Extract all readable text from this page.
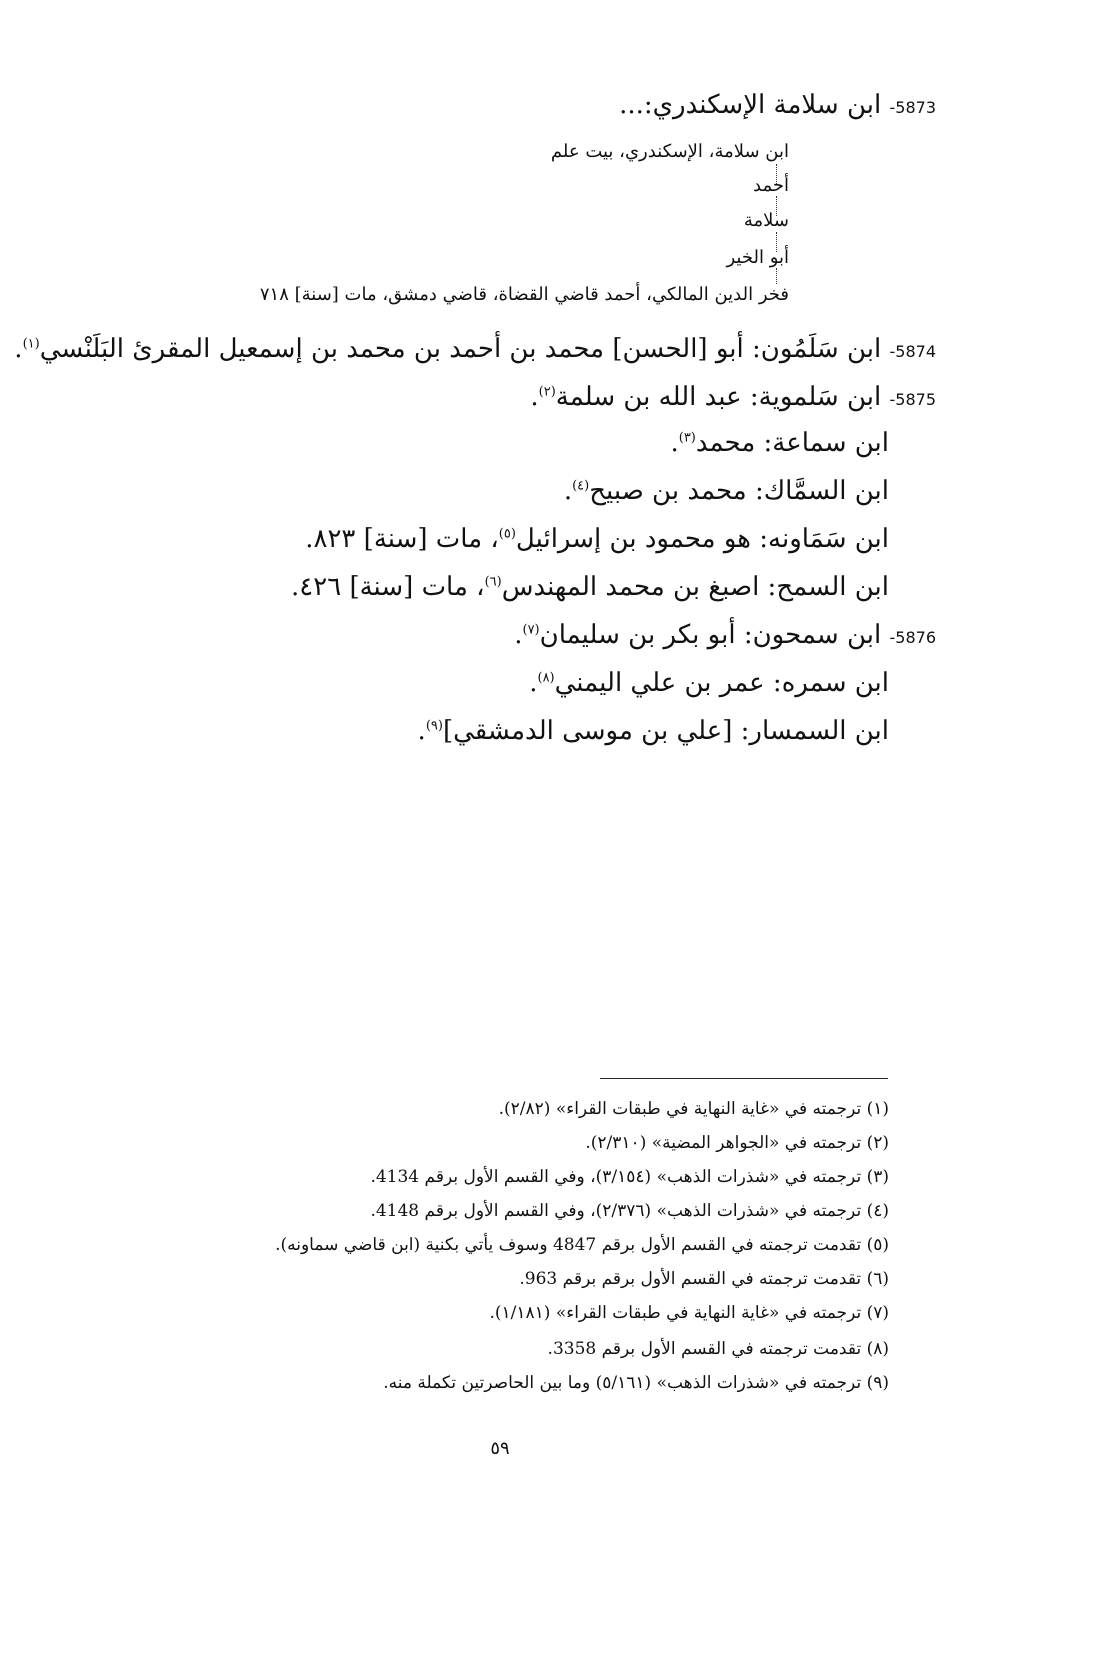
5873- ابن سلامة الإسكندري:...
ابن سلامة، الإسكندري، بيت علم
أحمد
سلامة
أبو الخير
فخر الدين المالكي، أحمد قاضي القضاة، قاضي دمشق، مات [سنة] ٧١٨
5874- ابن سَلَمُون: أبو [الحسن] محمد بن أحمد بن محمد بن إسمعيل المقرئ البَلَنْسي$^{(١)}$.
5875- ابن سَلموية: عبد الله بن سلمة$^{(٢)}$.
ابن سماعة: محمد$^{(٣)}$.
ابن السمَّاك: محمد بن صبيح$^{(٤)}$.
ابن سَمَاونه: هو محمود بن إسرائيل$^{(٥)}$، مات [سنة] ٨٢٣.
ابن السمح: اصبغ بن محمد المهندس$^{(٦)}$، مات [سنة] ٤٢٦.
5876- ابن سمحون: أبو بكر بن سليمان$^{(٧)}$.
ابن سمره: عمر بن علي اليمني$^{(٨)}$.
ابن السمسار: [علي بن موسى الدمشقي]$^{(٩)}$.
(١) ترجمته في «غاية النهاية في طبقات القراء» (٢/٨٢).
(٢) ترجمته في «الجواهر المضية» (٢/٣١٠).
(٣) ترجمته في «شذرات الذهب» (٣/١٥٤)، وفي القسم الأول برقم 4134.
(٤) ترجمته في «شذرات الذهب» (٢/٣٧٦)، وفي القسم الأول برقم 4148.
(٥) تقدمت ترجمته في القسم الأول برقم 4847 وسوف يأتي بكنية (ابن قاضي سماونه).
(٦) تقدمت ترجمته في القسم الأول برقم برقم 963.
(٧) ترجمته في «غاية النهاية في طبقات القراء» (١/١٨١).
(٨) تقدمت ترجمته في القسم الأول برقم 3358.
(٩) ترجمته في «شذرات الذهب» (٥/١٦١) وما بين الحاصرتين تكملة منه.
٥٩
